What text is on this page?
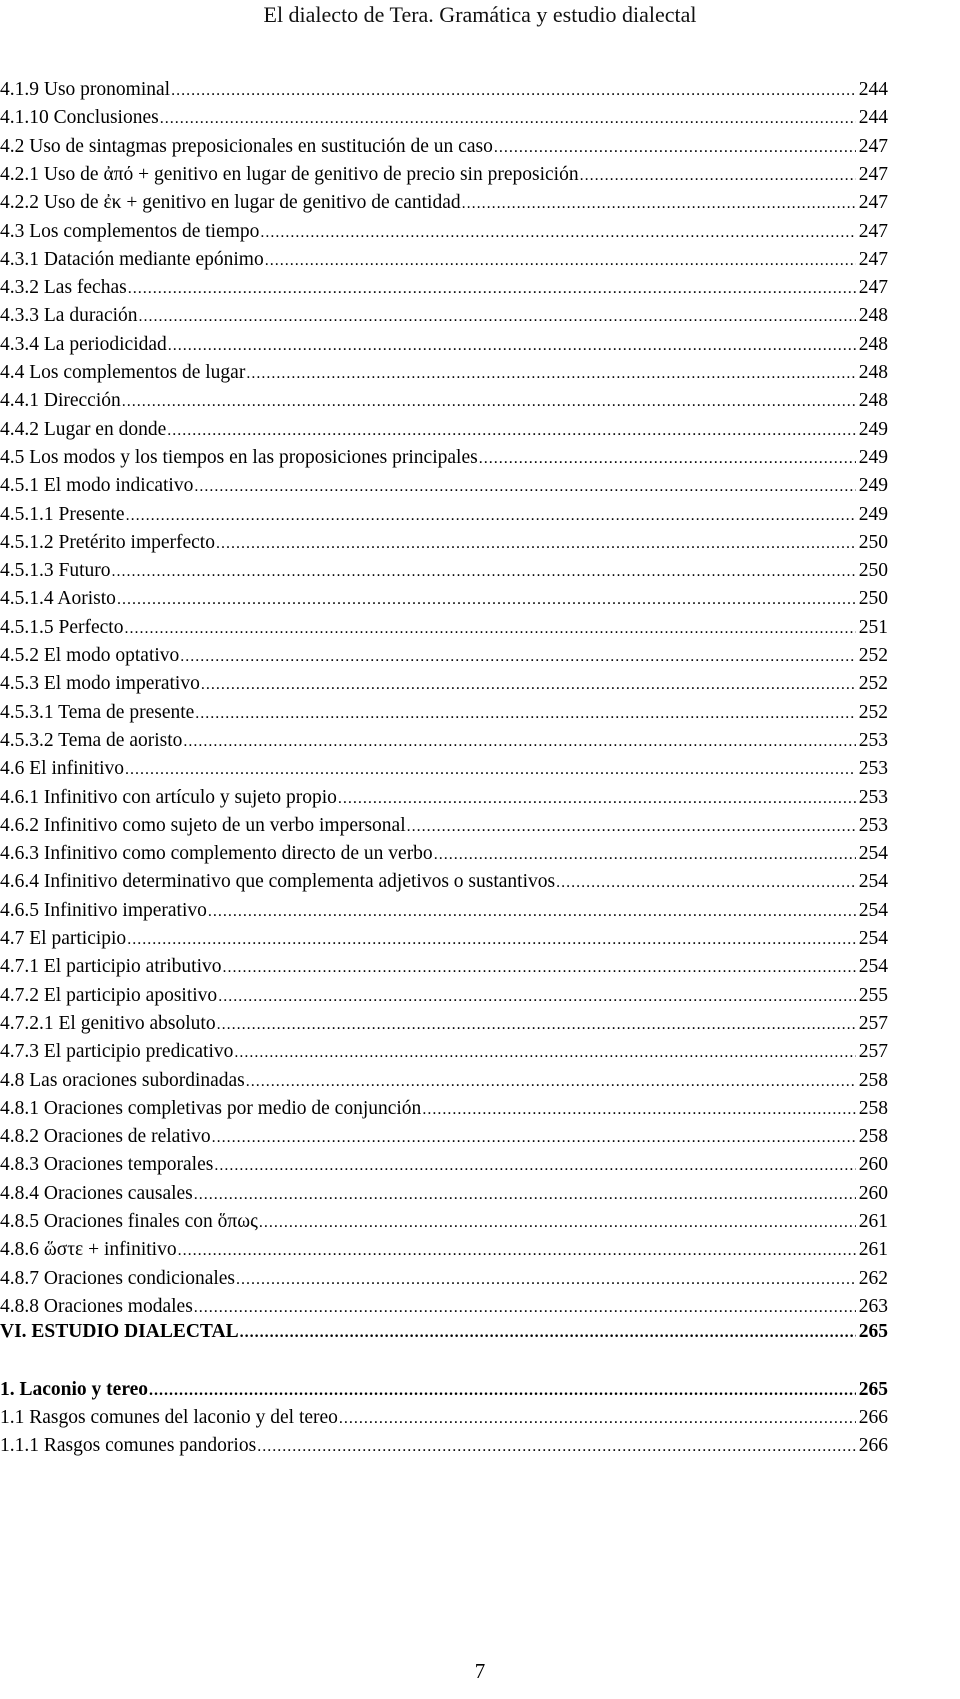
El dialecto de Tera. Gramática y estudio dialectal
4.1.9 Uso pronominal .....	244
4.1.10 Conclusiones .....	244
4.2 Uso de sintagmas preposicionales en sustitución de un caso .....	247
4.2.1 Uso de ἀπό + genitivo en lugar de genitivo de precio sin preposición .....	247
4.2.2 Uso de ἐκ + genitivo en lugar de genitivo de cantidad .....	247
4.3 Los complementos de tiempo .....	247
4.3.1 Datación mediante epónimo .....	247
4.3.2 Las fechas .....	247
4.3.3 La duración .....	248
4.3.4 La periodicidad .....	248
4.4 Los complementos de lugar .....	248
4.4.1 Dirección .....	248
4.4.2 Lugar en donde .....	249
4.5 Los modos y los tiempos en las proposiciones principales .....	249
4.5.1 El modo indicativo .....	249
4.5.1.1 Presente .....	249
4.5.1.2 Pretérito imperfecto .....	250
4.5.1.3 Futuro .....	250
4.5.1.4 Aoristo .....	250
4.5.1.5 Perfecto .....	251
4.5.2 El modo optativo .....	252
4.5.3 El modo imperativo .....	252
4.5.3.1 Tema de presente .....	252
4.5.3.2 Tema de aoristo .....	253
4.6 El infinitivo .....	253
4.6.1 Infinitivo con artículo y sujeto propio .....	253
4.6.2 Infinitivo como sujeto de un verbo impersonal .....	253
4.6.3 Infinitivo como complemento directo de un verbo .....	254
4.6.4 Infinitivo determinativo que complementa adjetivos o sustantivos .....	254
4.6.5 Infinitivo imperativo .....	254
4.7 El participio .....	254
4.7.1 El participio atributivo .....	254
4.7.2 El participio apositivo .....	255
4.7.2.1 El genitivo absoluto .....	257
4.7.3 El participio predicativo .....	257
4.8 Las oraciones subordinadas .....	258
4.8.1 Oraciones completivas por medio de conjunción .....	258
4.8.2 Oraciones de relativo .....	258
4.8.3 Oraciones temporales .....	260
4.8.4 Oraciones causales .....	260
4.8.5 Oraciones finales con ὅπως .....	261
4.8.6 ὥστε + infinitivo .....	261
4.8.7 Oraciones condicionales .....	262
4.8.8 Oraciones modales .....	263
VI. ESTUDIO DIALECTAL .....	265
1. Laconio y tereo .....	265
1.1 Rasgos comunes del laconio y del tereo .....	266
1.1.1 Rasgos comunes pandorios .....	266
7
